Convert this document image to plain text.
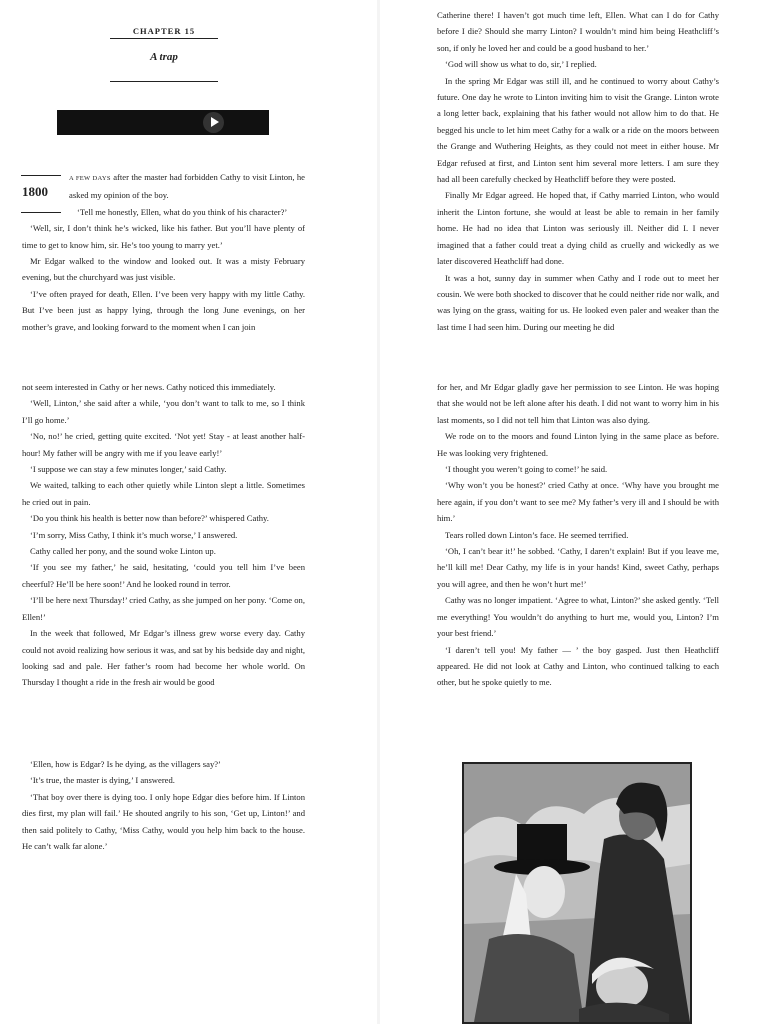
CHAPTER 15
A trap
1800

A FEW DAYS after the master had forbidden Cathy to visit Linton, he asked my opinion of the boy.

‘Tell me honestly, Ellen, what do you think of his character?’

‘Well, sir, I don’t think he’s wicked, like his father. But you’ll have plenty of time to get to know him, sir. He’s too young to marry yet.’

Mr Edgar walked to the window and looked out. It was a misty February evening, but the churchyard was just visible.

‘I’ve often prayed for death, Ellen. I’ve been very happy with my little Cathy. But I’ve been just as happy lying, through the long June evenings, on her mother’s grave, and looking forward to the moment when I can join

Catherine there! I haven’t got much time left, Ellen. What can I do for Cathy before I die? Should she marry Linton? I wouldn’t mind him being Heathcliff’s son, if only he loved her and could be a good husband to her.’

‘God will show us what to do, sir,’ I replied.

In the spring Mr Edgar was still ill, and he continued to worry about Cathy’s future. One day he wrote to Linton inviting him to visit the Grange. Linton wrote a long letter back, explaining that his father would not allow him to do that. He begged his uncle to let him meet Cathy for a walk or a ride on the moors between the Grange and Wuthering Heights, as they could not meet in either house. Mr Edgar refused at first, and Linton sent him several more letters. I am sure they had all been carefully checked by Heathcliff before they were posted.

Finally Mr Edgar agreed. He hoped that, if Cathy married Linton, who would inherit the Linton fortune, she would at least be able to remain in her family home. He had no idea that Linton was seriously ill. Neither did I. I never imagined that a father could treat a dying child as cruelly and wickedly as we later discovered Heathcliff had done.

It was a hot, sunny day in summer when Cathy and I rode out to meet her cousin. We were both shocked to discover that he could neither ride nor walk, and was lying on the grass, waiting for us. He looked even paler and weaker than the last time I had seen him. During our meeting he did

not seem interested in Cathy or her news. Cathy noticed this immediately.

‘Well, Linton,’ she said after a while, ‘you don’t want to talk to me, so I think I’ll go home.’

‘No, no!’ he cried, getting quite excited. ‘Not yet! Stay - at least another half-hour! My father will be angry with me if you leave early!’

‘I suppose we can stay a few minutes longer,’ said Cathy.

We waited, talking to each other quietly while Linton slept a little. Sometimes he cried out in pain.

‘Do you think his health is better now than before?’ whispered Cathy.

‘I’m sorry, Miss Cathy, I think it’s much worse,’ I answered.

Cathy called her pony, and the sound woke Linton up.

‘If you see my father,’ he said, hesitating, ‘could you tell him I’ve been cheerful? He’ll be here soon!’ And he looked round in terror.

‘I’ll be here next Thursday!’ cried Cathy, as she jumped on her pony. ‘Come on, Ellen!’

In the week that followed, Mr Edgar’s illness grew worse every day. Cathy could not avoid realizing how serious it was, and sat by his bedside day and night, looking sad and pale. Her father’s room had become her whole world. On Thursday I thought a ride in the fresh air would be good

for her, and Mr Edgar gladly gave her permission to see Linton. He was hoping that she would not be left alone after his death. I did not want to worry him in his last moments, so I did not tell him that Linton was also dying.

We rode on to the moors and found Linton lying in the same place as before. He was looking very frightened.

‘I thought you weren’t going to come!’ he said.

‘Why won’t you be honest?’ cried Cathy at once. ‘Why have you brought me here again, if you don’t want to see me? My father’s very ill and I should be with him.’

Tears rolled down Linton’s face. He seemed terrified.

‘Oh, I can’t bear it!’ he sobbed. ‘Cathy, I daren’t explain! But if you leave me, he’ll kill me! Dear Cathy, my life is in your hands! Kind, sweet Cathy, perhaps you will agree, and then he won’t hurt me!’

Cathy was no longer impatient. ‘Agree to what, Linton?’ she asked gently. ‘Tell me everything! You wouldn’t do anything to hurt me, would you, Linton? I’m your best friend.’

‘I daren’t tell you! My father — ’ the boy gasped. Just then Heathcliff appeared. He did not look at Cathy and Linton, who continued talking to each other, but he spoke quietly to me.

‘Ellen, how is Edgar? Is he dying, as the villagers say?’

‘It’s true, the master is dying,’ I answered.

‘That boy over there is dying too. I only hope Edgar dies before him. If Linton dies first, my plan will fail.’ He shouted angrily to his son, ‘Get up, Linton!’ and then said politely to Cathy, ‘Miss Cathy, would you help him back to the house. He can’t walk far alone.’
